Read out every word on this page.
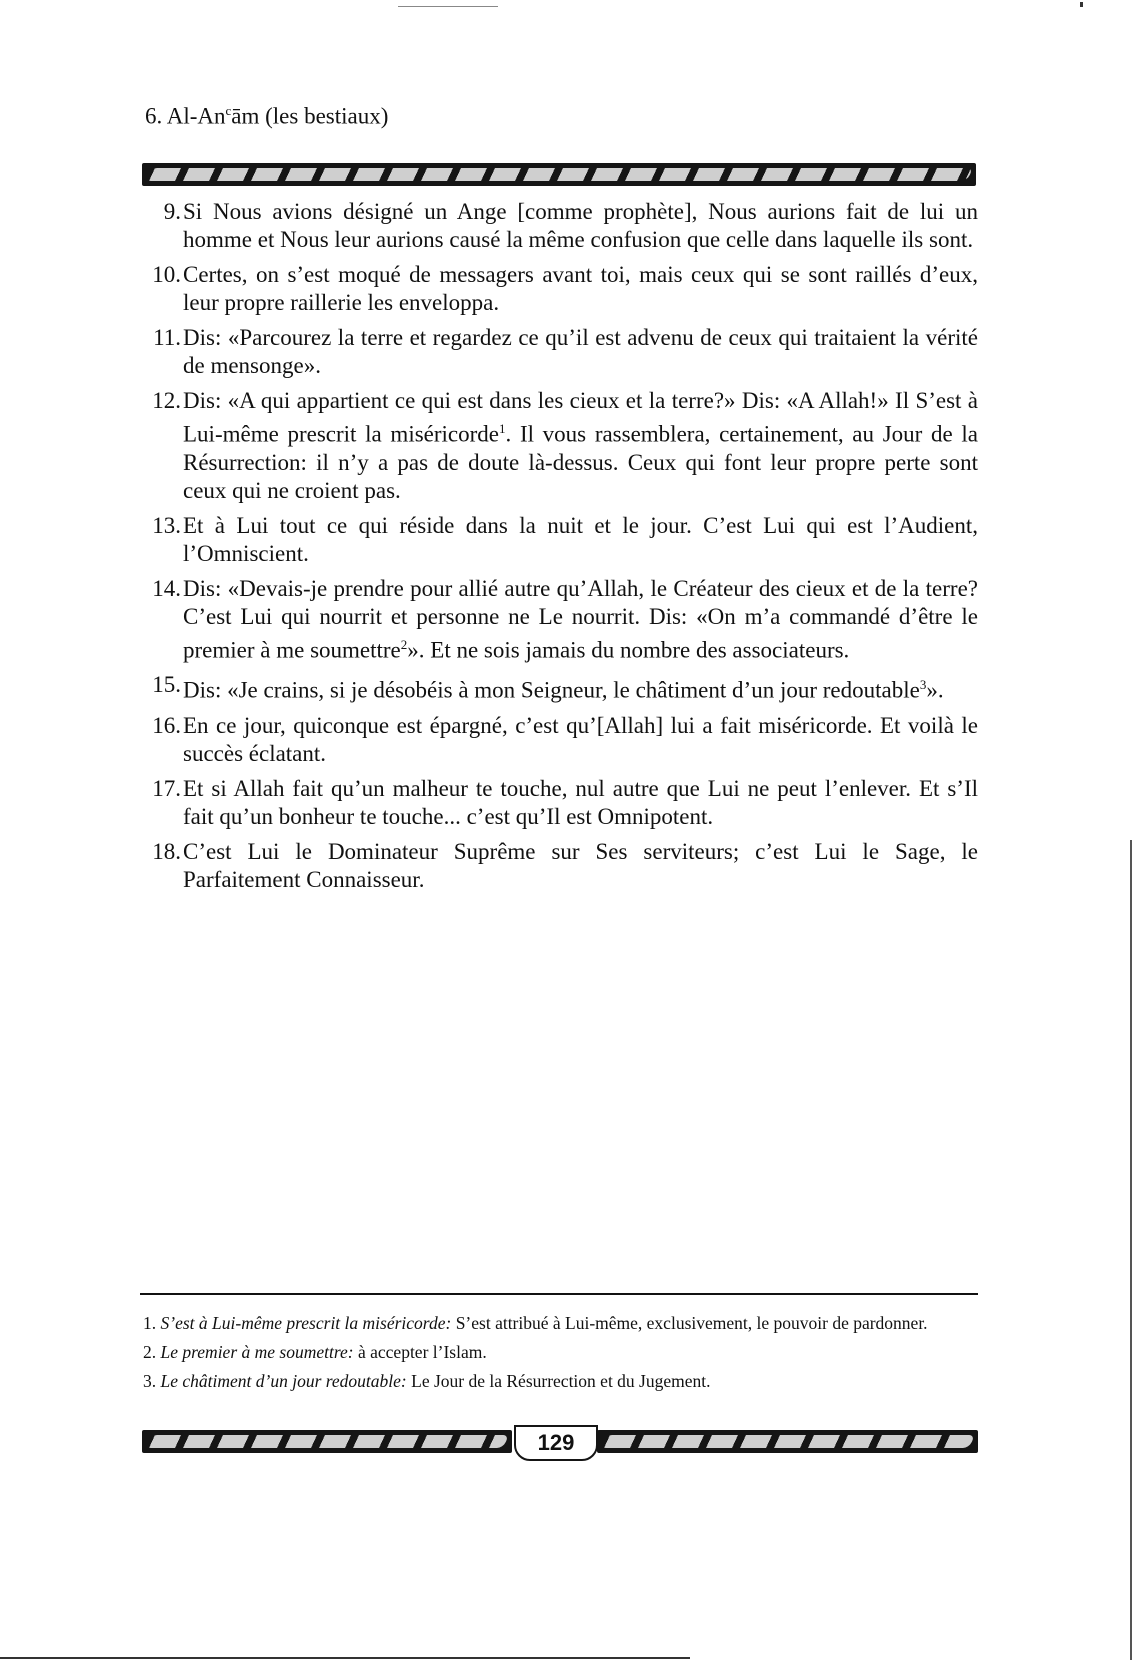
6. Al-An$^c$ām (les bestiaux)
9. Si Nous avions désigné un Ange [comme prophète], Nous aurions fait de lui un homme et Nous leur aurions causé la même confusion que celle dans laquelle ils sont.
10. Certes, on s’est moqué de messagers avant toi, mais ceux qui se sont raillés d’eux, leur propre raillerie les enveloppa.
11. Dis: «Parcourez la terre et regardez ce qu’il est advenu de ceux qui traitaient la vérité de mensonge».
12. Dis: «A qui appartient ce qui est dans les cieux et la terre?» Dis: «A Allah!» Il S’est à Lui-même prescrit la miséricorde$^1$. Il vous rassemblera, certainement, au Jour de la Résurrection: il n’y a pas de doute là-dessus. Ceux qui font leur propre perte sont ceux qui ne croient pas.
13. Et à Lui tout ce qui réside dans la nuit et le jour. C’est Lui qui est l’Audient, l’Omniscient.
14. Dis: «Devais-je prendre pour allié autre qu’Allah, le Créateur des cieux et de la terre? C’est Lui qui nourrit et personne ne Le nourrit. Dis: «On m’a commandé d’être le premier à me soumettre$^2$». Et ne sois jamais du nombre des associateurs.
15. Dis: «Je crains, si je désobéis à mon Seigneur, le châtiment d’un jour redoutable$^3$».
16. En ce jour, quiconque est épargné, c’est qu’[Allah] lui a fait miséricorde. Et voilà le succès éclatant.
17. Et si Allah fait qu’un malheur te touche, nul autre que Lui ne peut l’enlever. Et s’Il fait qu’un bonheur te touche... c’est qu’Il est Omnipotent.
18. C’est Lui le Dominateur Suprême sur Ses serviteurs; c’est Lui le Sage, le Parfaitement Connaisseur.
1. S’est à Lui-même prescrit la miséricorde: S’est attribué à Lui-même, exclusivement, le pouvoir de pardonner.
2. Le premier à me soumettre: à accepter l’Islam.
3. Le châtiment d’un jour redoutable: Le Jour de la Résurrection et du Jugement.
129
